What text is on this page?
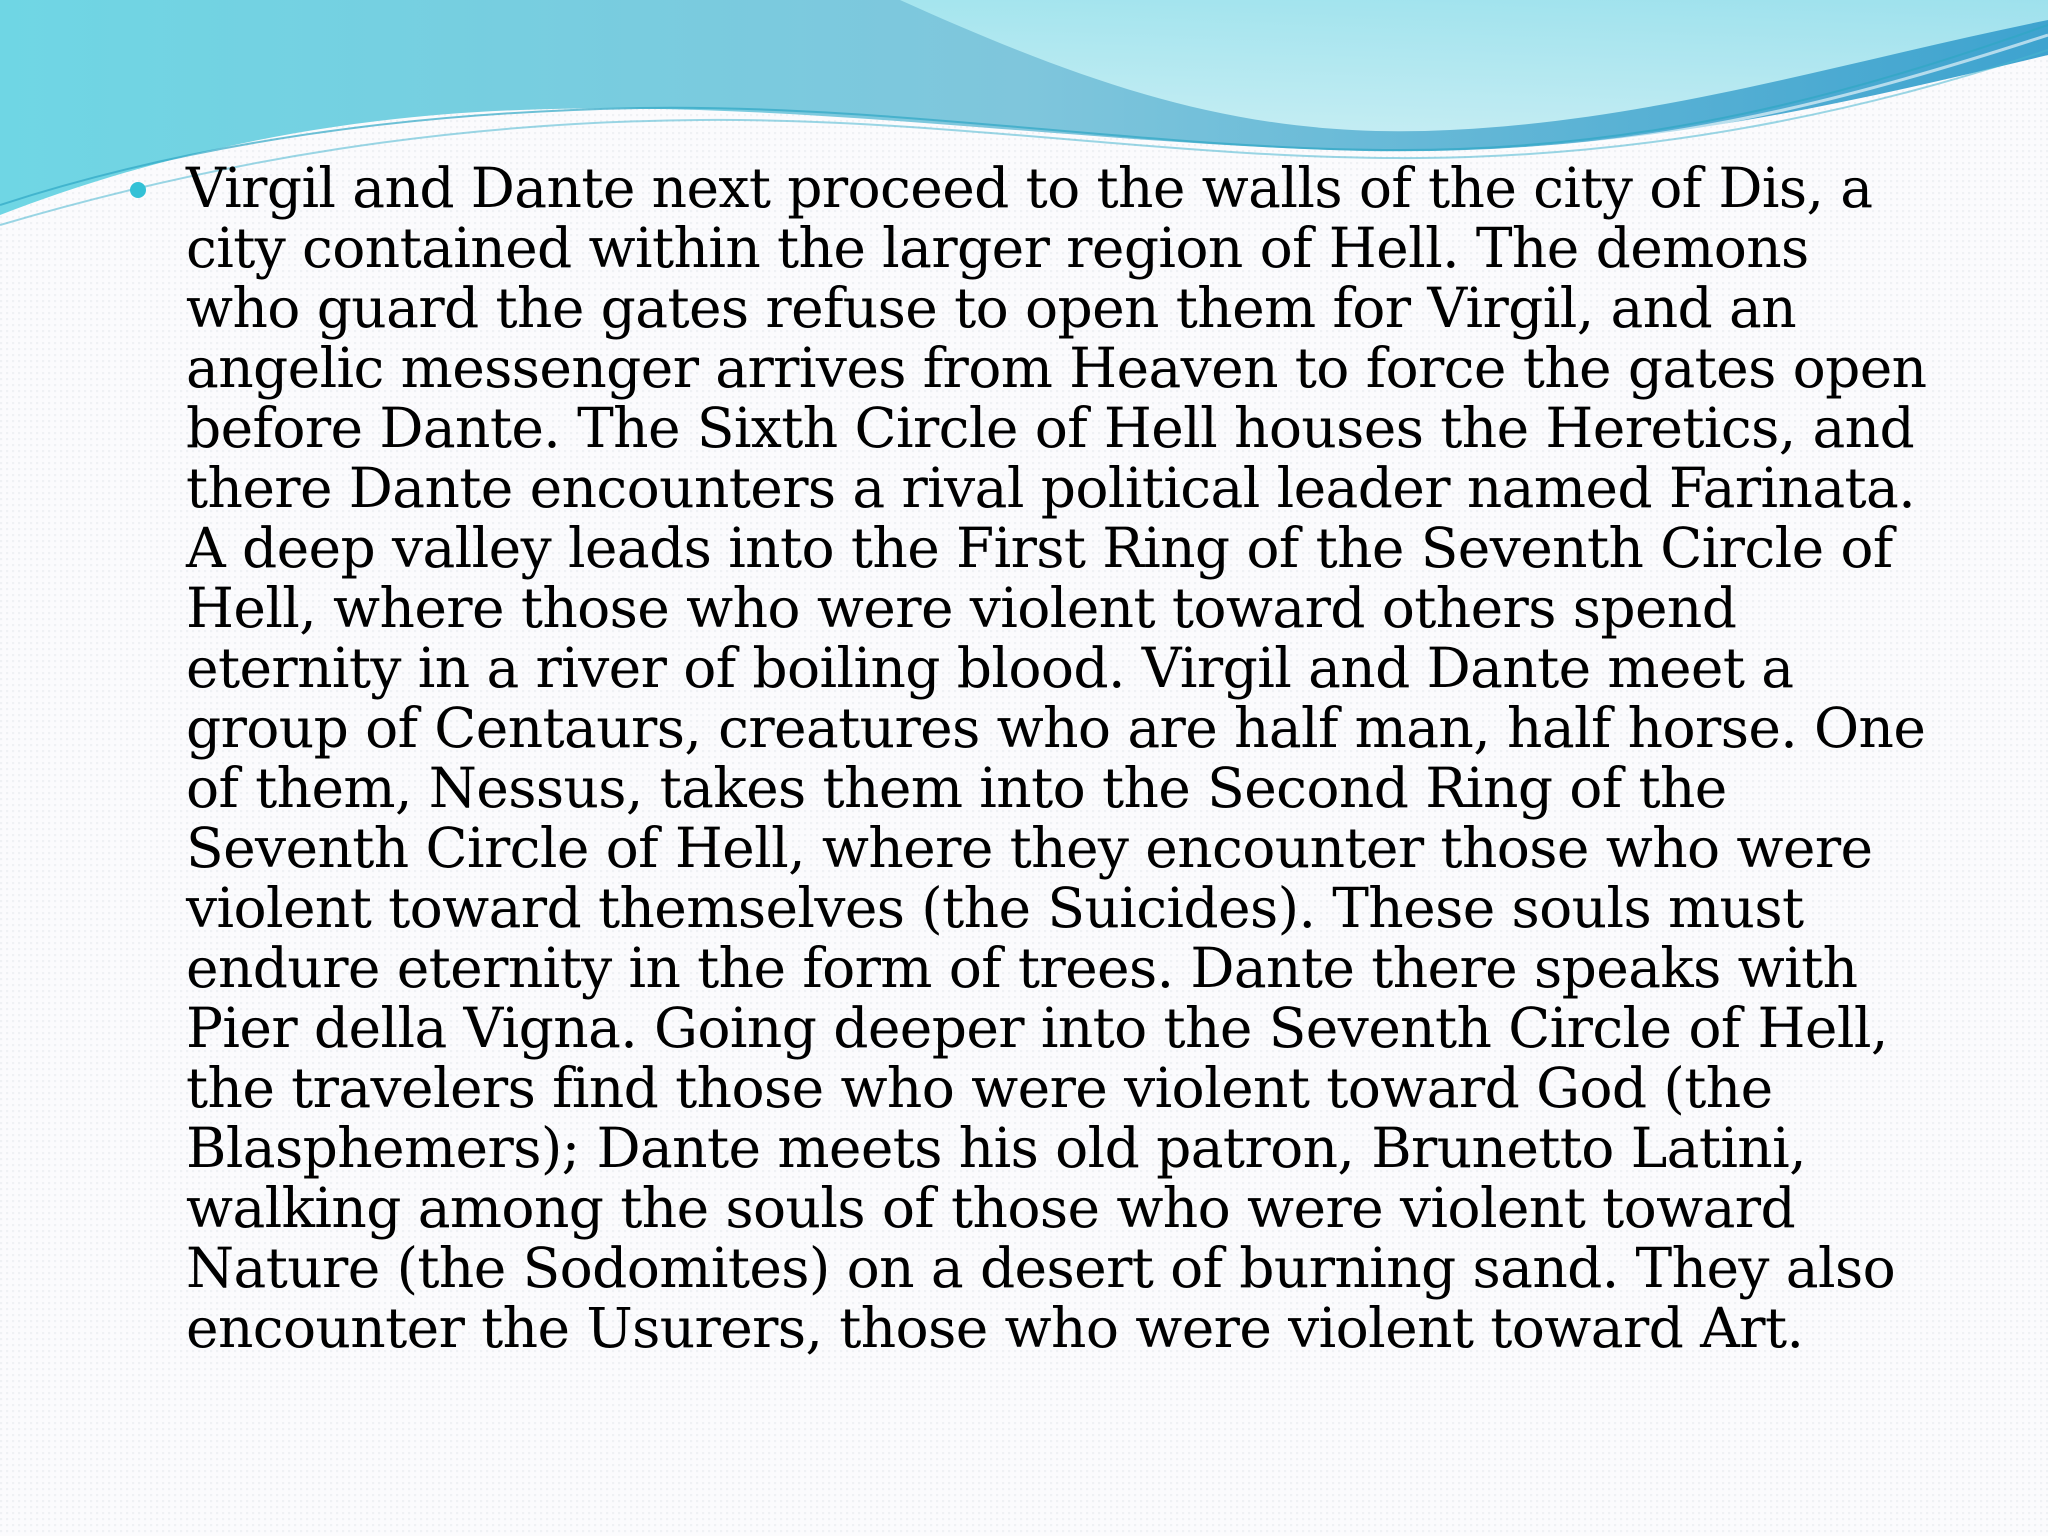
Virgil and Dante next proceed to the walls of the city of Dis, a city contained within the larger region of Hell. The demons who guard the gates refuse to open them for Virgil, and an angelic messenger arrives from Heaven to force the gates open before Dante. The Sixth Circle of Hell houses the Heretics, and there Dante encounters a rival political leader named Farinata. A deep valley leads into the First Ring of the Seventh Circle of Hell, where those who were violent toward others spend eternity in a river of boiling blood. Virgil and Dante meet a group of Centaurs, creatures who are half man, half horse. One of them, Nessus, takes them into the Second Ring of the Seventh Circle of Hell, where they encounter those who were violent toward themselves (the Suicides). These souls must endure eternity in the form of trees. Dante there speaks with Pier della Vigna. Going deeper into the Seventh Circle of Hell, the travelers find those who were violent toward God (the Blasphemers); Dante meets his old patron, Brunetto Latini, walking among the souls of those who were violent toward Nature (the Sodomites) on a desert of burning sand. They also encounter the Usurers, those who were violent toward Art.
